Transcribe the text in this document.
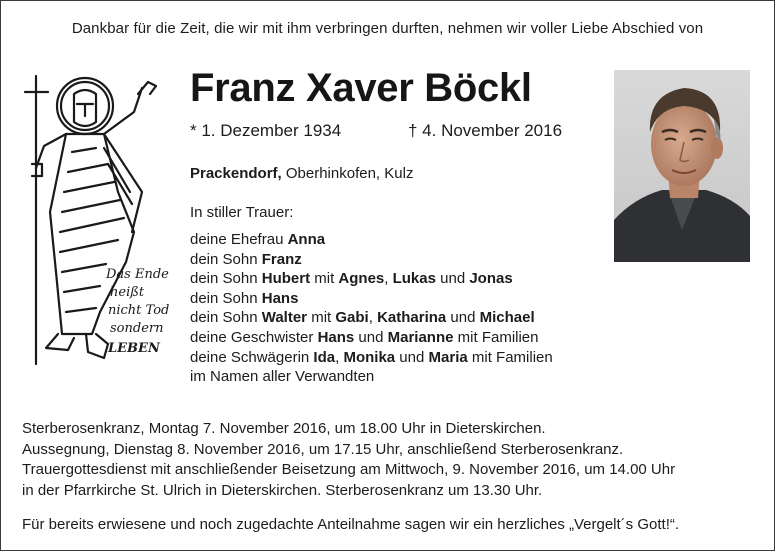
Dankbar für die Zeit, die wir mit ihm verbringen durften, nehmen wir voller Liebe Abschied von
Das Ende
heißt
nicht Tod
sondern
LEBEN
Franz Xaver Böckl
* 1. Dezember 1934	† 4. November 2016
Prackendorf, Oberhinkofen, Kulz
In stiller Trauer:
deine Ehefrau Anna
dein Sohn Franz
dein Sohn Hubert mit Agnes, Lukas und Jonas
dein Sohn Hans
dein Sohn Walter mit Gabi, Katharina und Michael
deine Geschwister Hans und Marianne mit Familien
deine Schwägerin Ida, Monika und Maria mit Familien
im Namen aller Verwandten
Sterberosenkranz, Montag 7. November 2016, um 18.00 Uhr in Dieterskirchen.
Aussegnung, Dienstag 8. November 2016, um 17.15 Uhr, anschließend Sterberosenkranz.
Trauergottesdienst mit anschließender Beisetzung am Mittwoch, 9. November 2016, um 14.00 Uhr
in der Pfarrkirche St. Ulrich in Dieterskirchen. Sterberosenkranz um 13.30 Uhr.
Für bereits erwiesene und noch zugedachte Anteilnahme sagen wir ein herzliches „Vergelt´s Gott!“.
